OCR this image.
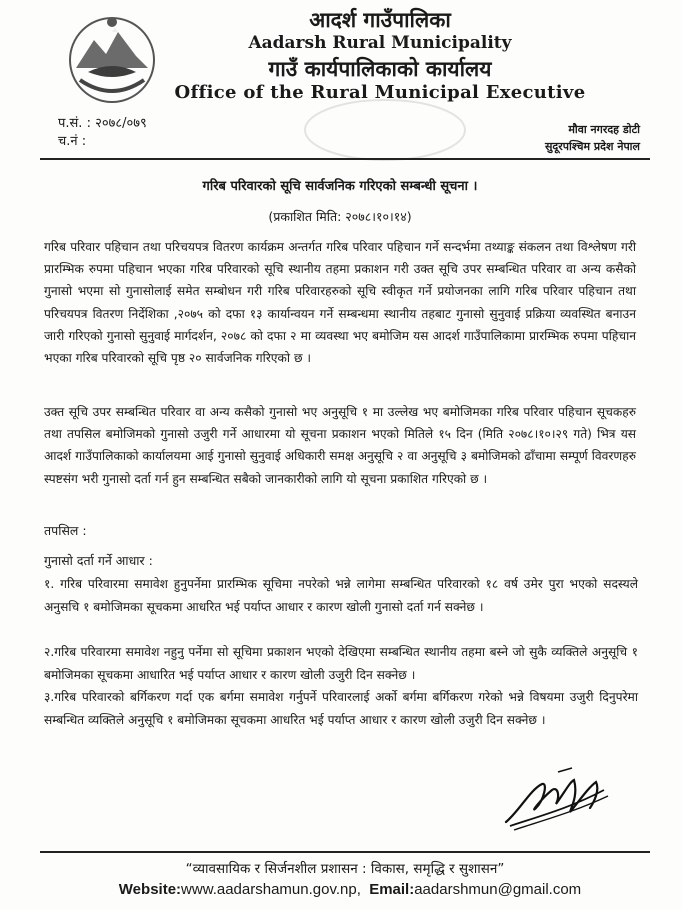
आदर्श गाउँपालिका
Aadarsh Rural Municipality
गाउँ कार्यपालिकाको कार्यालय
Office of the Rural Municipal Executive
प.सं. : २०७८/०७९
च.नं :
मौवा नगरदह डोटी
सुदूरपश्चिम प्रदेश नेपाल
गरिब परिवारको सूचि सार्वजनिक गरिएको सम्बन्धी सूचना ।
(प्रकाशित मिति: २०७८।१०।१४)
गरिब परिवार पहिचान तथा परिचयपत्र वितरण कार्यक्रम अन्तर्गत गरिब परिवार पहिचान गर्ने सन्दर्भमा तथ्याङ्क संकलन तथा विश्लेषण गरी प्रारम्भिक रुपमा पहिचान भएका गरिब परिवारको सूचि स्थानीय तहमा प्रकाशन गरी उक्त सूचि उपर सम्बन्धित परिवार वा अन्य कसैको गुनासो भएमा सो गुनासोलाई समेत सम्बोधन गरी गरिब परिवारहरुको सूचि स्वीकृत गर्ने प्रयोजनका लागि गरिब परिवार पहिचान तथा परिचयपत्र वितरण निर्देशिका ,२०७५ को दफा १३ कार्यान्वयन गर्ने सम्बन्धमा स्थानीय तहबाट गुनासो सुनुवाई प्रक्रिया व्यवस्थित बनाउन जारी गरिएको गुनासो सुनुवाई मार्गदर्शन, २०७८ को दफा २ मा व्यवस्था भए बमोजिम यस आदर्श गाउँपालिकामा प्रारम्भिक रुपमा पहिचान भएका गरिब परिवारको सूचि पृष्ठ २० सार्वजनिक गरिएको छ ।
उक्त सूचि उपर सम्बन्धित परिवार वा अन्य कसैको गुनासो भए अनुसूचि १ मा उल्लेख भए बमोजिमका गरिब परिवार पहिचान सूचकहरु तथा तपसिल बमोजिमको गुनासो उजुरी गर्ने आधारमा यो सूचना प्रकाशन भएको मितिले १५ दिन (मिति २०७८।१०।२९ गते) भित्र यस आदर्श गाउँपालिकाको कार्यालयमा आई गुनासो सुनुवाई अधिकारी समक्ष अनुसूचि २ वा अनुसूचि ३ बमोजिमको ढाँचामा सम्पूर्ण विवरणहरु स्पष्टसंग भरी गुनासो दर्ता गर्न हुन सम्बन्धित सबैको जानकारीको लागि यो सूचना प्रकाशित गरिएको छ ।
तपसिल :
गुनासो दर्ता गर्ने आधार :
१. गरिब परिवारमा समावेश हुनुपर्नेमा प्रारम्भिक सूचिमा नपरेको भन्ने लागेमा सम्बन्धित परिवारको १८ वर्ष उमेर पुरा भएको सदस्यले अनुसचि १ बमोजिमका सूचकमा आधरित भई पर्याप्त आधार र कारण खोली गुनासो दर्ता गर्न सक्नेछ ।
२.गरिब परिवारमा समावेश नहुनु पर्नेमा सो सूचिमा प्रकाशन भएको देखिएमा सम्बन्धित स्थानीय तहमा बस्ने जो सुकै व्यक्तिले अनुसूचि १ बमोजिमका सूचकमा आधारित भई पर्याप्त आधार र कारण खोली उजुरी दिन सक्नेछ ।
३.गरिब परिवारको बर्गिकरण गर्दा एक बर्गमा समावेश गर्नुपर्ने परिवारलाई अर्को बर्गमा बर्गिकरण गरेको भन्ने विषयमा उजुरी दिनुपरेमा सम्बन्धित व्यक्तिले अनुसूचि १ बमोजिमका सूचकमा आधरित भई पर्याप्त आधार र कारण खोली उजुरी दिन सक्नेछ ।
“व्यावसायिक र सिर्जनशील प्रशासन : विकास, समृद्धि र सुशासन”
Website:www.aadarshamun.gov.np, Email:aadarshmun@gmail.com
